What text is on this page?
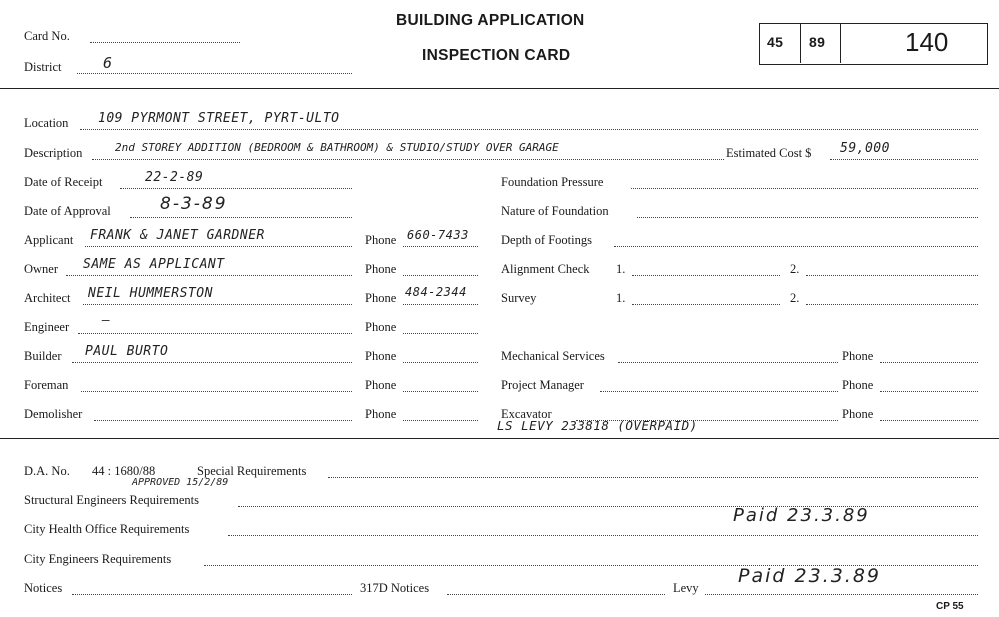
Card No.
District	6
BUILDING APPLICATION
INSPECTION CARD
45 89	140
Location 109 PYRMONT STREET, PYRT-ULTO
Description	2nd STOREY ADDITION (BEDROOM & BATHROOM) & STUDIO/STUDY OVER GARAGE	Estimated Cost $ 59,000
Date of Receipt	22-2-89
Date of Approval	8-3-89
Applicant FRANK & JANET GARDNER	Phone 660-7433
Owner SAME AS APPLICANT	Phone
Architect NEIL HUMMERSTON	Phone 484-2344
Engineer	—	Phone
Builder PAUL BURTO	Phone
Foreman	Phone
Demolisher	Phone
Foundation Pressure
Nature of Foundation
Depth of Footings
Alignment Check 1.	2.
Survey	1.	2.
Mechanical Services	Phone
Project Manager	Phone
Excavator	Phone
LS LEVY 233818 (OVERPAID)
D.A. No. 44 : 1680/88
APPROVED 15/2/89
Special Requirements
Structural Engineers Requirements
City Health Office Requirements
Paid 23.3.89
City Engineers Requirements
Notices	317D Notices	Levy
Paid 23.3.89
CP 55
